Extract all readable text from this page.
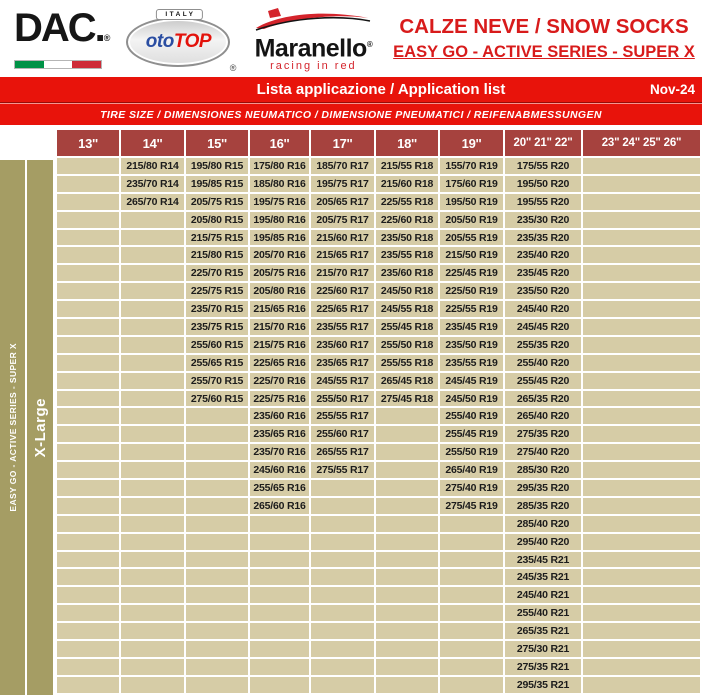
DAC.® oto TOP
ITALY
®
Maranello®
racing in red
CALZE NEVE / SNOW SOCKS
EASY GO - ACTIVE SERIES - SUPER X
Lista applicazione / Application list	Nov-24
TIRE SIZE / DIMENSIONES NEUMATICO / DIMENSIONE PNEUMATICI / REIFENABMESSUNGEN
EASY GO - ACTIVE SERIES - SUPER X X-Large
13''	14''	15''	16''	17''	18''	19''	20" 21" 22"	23" 24" 25" 26"
	215/80 R14	195/80 R15	175/80 R16	185/70 R17	215/55 R18	155/70 R19	175/55 R20	
	235/70 R14	195/85 R15	185/80 R16	195/75 R17	215/60 R18	175/60 R19	195/50 R20	
	265/70 R14	205/75 R15	195/75 R16	205/65 R17	225/55 R18	195/50 R19	195/55 R20	
		205/80 R15	195/80 R16	205/75 R17	225/60 R18	205/50 R19	235/30 R20	
		215/75 R15	195/85 R16	215/60 R17	235/50 R18	205/55 R19	235/35 R20	
		215/80 R15	205/70 R16	215/65 R17	235/55 R18	215/50 R19	235/40 R20	
		225/70 R15	205/75 R16	215/70 R17	235/60 R18	225/45 R19	235/45 R20	
		225/75 R15	205/80 R16	225/60 R17	245/50 R18	225/50 R19	235/50 R20	
		235/70 R15	215/65 R16	225/65 R17	245/55 R18	225/55 R19	245/40 R20	
		235/75 R15	215/70 R16	235/55 R17	255/45 R18	235/45 R19	245/45 R20	
		255/60 R15	215/75 R16	235/60 R17	255/50 R18	235/50 R19	255/35 R20	
		255/65 R15	225/65 R16	235/65 R17	255/55 R18	235/55 R19	255/40 R20	
		255/70 R15	225/70 R16	245/55 R17	265/45 R18	245/45 R19	255/45 R20	
		275/60 R15	225/75 R16	255/50 R17	275/45 R18	245/50 R19	265/35 R20	
			235/60 R16	255/55 R17		255/40 R19	265/40 R20	
			235/65 R16	255/60 R17		255/45 R19	275/35 R20	
			235/70 R16	265/55 R17		255/50 R19	275/40 R20	
			245/60 R16	275/55 R17		265/40 R19	285/30 R20	
			255/65 R16			275/40 R19	295/35 R20	
			265/60 R16			275/45 R19	285/35 R20	
							285/40 R20	
							295/40 R20	
							235/45 R21	
							245/35 R21	
							245/40 R21	
							255/40 R21	
							265/35 R21	
							275/30 R21	
							275/35 R21	
							295/35 R21	
